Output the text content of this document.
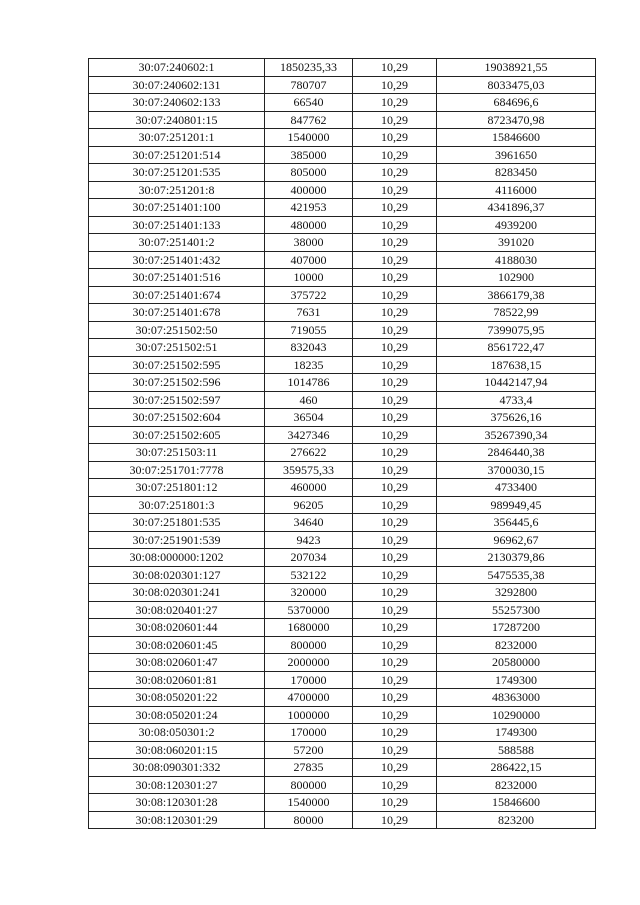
30:07:240602:1	1850235,33	10,29	19038921,55
30:07:240602:131	780707	10,29	8033475,03
30:07:240602:133	66540	10,29	684696,6
30:07:240801:15	847762	10,29	8723470,98
30:07:251201:1	1540000	10,29	15846600
30:07:251201:514	385000	10,29	3961650
30:07:251201:535	805000	10,29	8283450
30:07:251201:8	400000	10,29	4116000
30:07:251401:100	421953	10,29	4341896,37
30:07:251401:133	480000	10,29	4939200
30:07:251401:2	38000	10,29	391020
30:07:251401:432	407000	10,29	4188030
30:07:251401:516	10000	10,29	102900
30:07:251401:674	375722	10,29	3866179,38
30:07:251401:678	7631	10,29	78522,99
30:07:251502:50	719055	10,29	7399075,95
30:07:251502:51	832043	10,29	8561722,47
30:07:251502:595	18235	10,29	187638,15
30:07:251502:596	1014786	10,29	10442147,94
30:07:251502:597	460	10,29	4733,4
30:07:251502:604	36504	10,29	375626,16
30:07:251502:605	3427346	10,29	35267390,34
30:07:251503:11	276622	10,29	2846440,38
30:07:251701:7778	359575,33	10,29	3700030,15
30:07:251801:12	460000	10,29	4733400
30:07:251801:3	96205	10,29	989949,45
30:07:251801:535	34640	10,29	356445,6
30:07:251901:539	9423	10,29	96962,67
30:08:000000:1202	207034	10,29	2130379,86
30:08:020301:127	532122	10,29	5475535,38
30:08:020301:241	320000	10,29	3292800
30:08:020401:27	5370000	10,29	55257300
30:08:020601:44	1680000	10,29	17287200
30:08:020601:45	800000	10,29	8232000
30:08:020601:47	2000000	10,29	20580000
30:08:020601:81	170000	10,29	1749300
30:08:050201:22	4700000	10,29	48363000
30:08:050201:24	1000000	10,29	10290000
30:08:050301:2	170000	10,29	1749300
30:08:060201:15	57200	10,29	588588
30:08:090301:332	27835	10,29	286422,15
30:08:120301:27	800000	10,29	8232000
30:08:120301:28	1540000	10,29	15846600
30:08:120301:29	80000	10,29	823200
